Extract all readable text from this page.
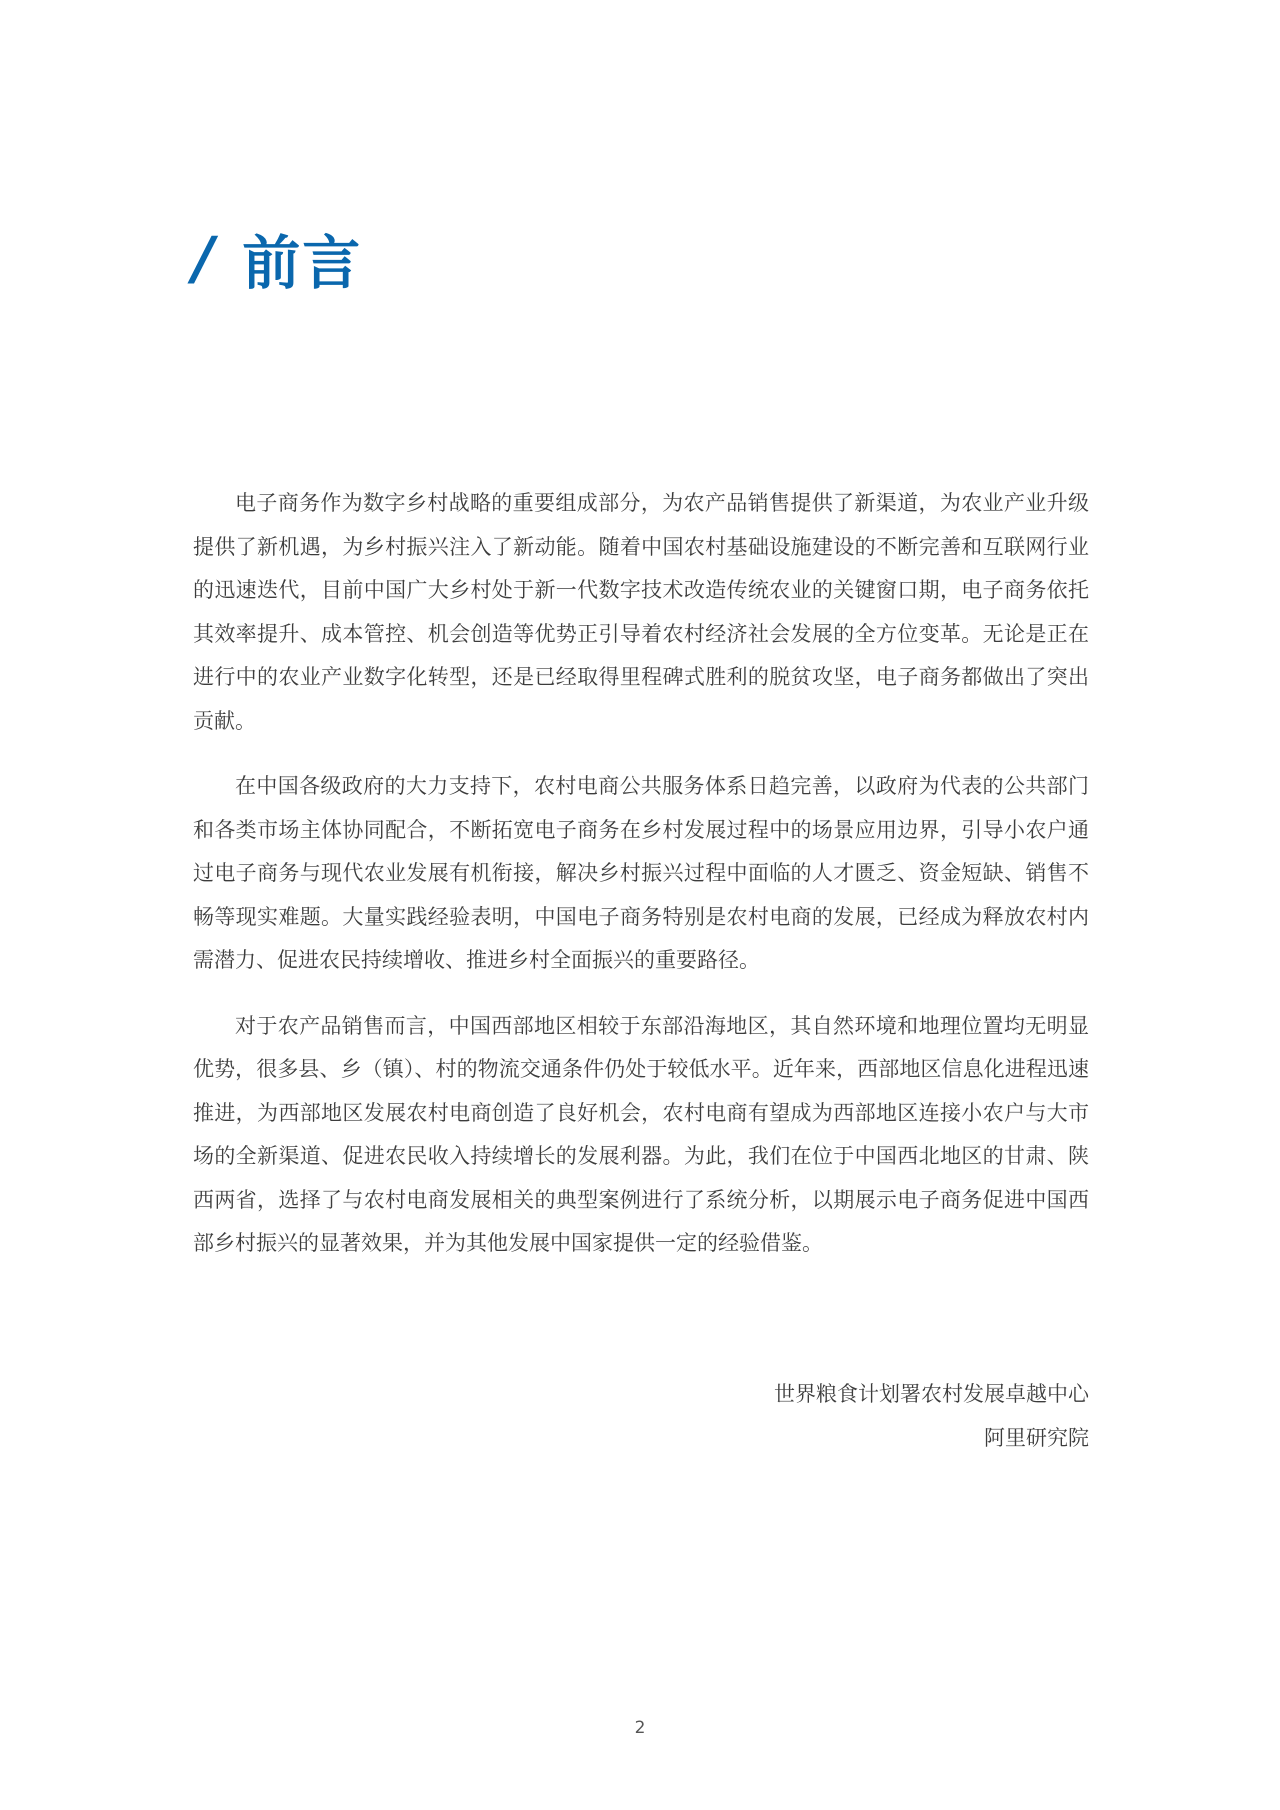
/ 前言

电子商务作为数字乡村战略的重要组成部分，为农产品销售提供了新渠道，为农业产业升级提供了新机遇，为乡村振兴注入了新动能。随着中国农村基础设施建设的不断完善和互联网行业的迅速迭代，目前中国广大乡村处于新一代数字技术改造传统农业的关键窗口期，电子商务依托其效率提升、成本管控、机会创造等优势正引导着农村经济社会发展的全方位变革。无论是正在进行中的农业产业数字化转型，还是已经取得里程碑式胜利的脱贫攻坚，电子商务都做出了突出贡献。

在中国各级政府的大力支持下，农村电商公共服务体系日趋完善，以政府为代表的公共部门和各类市场主体协同配合，不断拓宽电子商务在乡村发展过程中的场景应用边界，引导小农户通过电子商务与现代农业发展有机衔接，解决乡村振兴过程中面临的人才匮乏、资金短缺、销售不畅等现实难题。大量实践经验表明，中国电子商务特别是农村电商的发展，已经成为释放农村内需潜力、促进农民持续增收、推进乡村全面振兴的重要路径。

对于农产品销售而言，中国西部地区相较于东部沿海地区，其自然环境和地理位置均无明显优势，很多县、乡（镇）、村的物流交通条件仍处于较低水平。近年来，西部地区信息化进程迅速推进，为西部地区发展农村电商创造了良好机会，农村电商有望成为西部地区连接小农户与大市场的全新渠道、促进农民收入持续增长的发展利器。为此，我们在位于中国西北地区的甘肃、陕西两省，选择了与农村电商发展相关的典型案例进行了系统分析，以期展示电子商务促进中国西部乡村振兴的显著效果，并为其他发展中国家提供一定的经验借鉴。

世界粮食计划署农村发展卓越中心
阿里研究院
2
